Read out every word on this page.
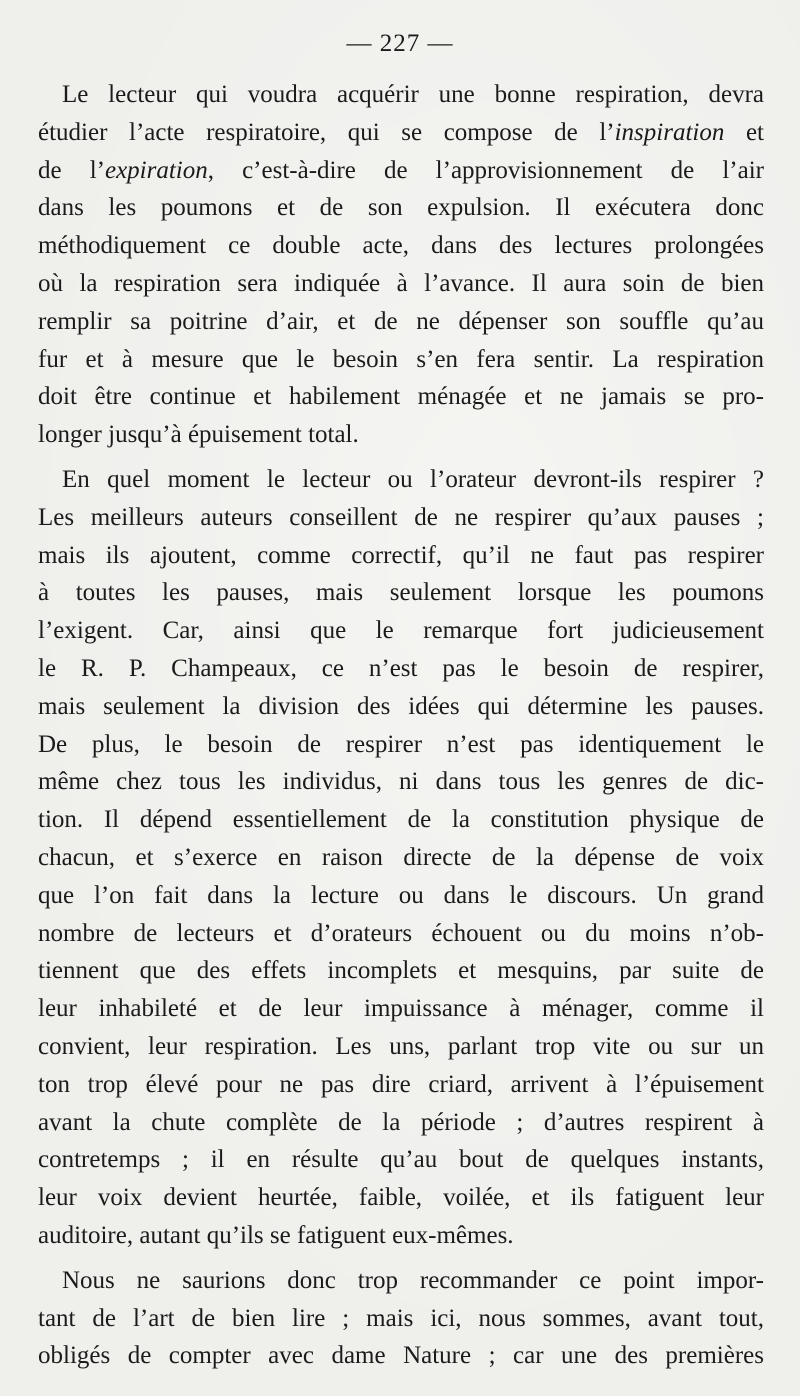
— 227 —
Le lecteur qui voudra acquérir une bonne respiration, devra
étudier l’acte respiratoire, qui se compose de l’inspiration et
de l’expiration, c’est-à-dire de l’approvisionnement de l’air
dans les poumons et de son expulsion. Il exécutera donc
méthodiquement ce double acte, dans des lectures prolongées
où la respiration sera indiquée à l’avance. Il aura soin de bien
remplir sa poitrine d’air, et de ne dépenser son souffle qu’au
fur et à mesure que le besoin s’en fera sentir. La respiration
doit être continue et habilement ménagée et ne jamais se pro-
longer jusqu’à épuisement total.
En quel moment le lecteur ou l’orateur devront-ils respirer ?
Les meilleurs auteurs conseillent de ne respirer qu’aux pauses ;
mais ils ajoutent, comme correctif, qu’il ne faut pas respirer
à toutes les pauses, mais seulement lorsque les poumons
l’exigent. Car, ainsi que le remarque fort judicieusement
le R. P. Champeaux, ce n’est pas le besoin de respirer,
mais seulement la division des idées qui détermine les pauses.
De plus, le besoin de respirer n’est pas identiquement le
même chez tous les individus, ni dans tous les genres de dic-
tion. Il dépend essentiellement de la constitution physique de
chacun, et s’exerce en raison directe de la dépense de voix
que l’on fait dans la lecture ou dans le discours. Un grand
nombre de lecteurs et d’orateurs échouent ou du moins n’ob-
tiennent que des effets incomplets et mesquins, par suite de
leur inhabileté et de leur impuissance à ménager, comme il
convient, leur respiration. Les uns, parlant trop vite ou sur un
ton trop élevé pour ne pas dire criard, arrivent à l’épuisement
avant la chute complète de la période ; d’autres respirent à
contretemps ; il en résulte qu’au bout de quelques instants,
leur voix devient heurtée, faible, voilée, et ils fatiguent leur
auditoire, autant qu’ils se fatiguent eux-mêmes.
Nous ne saurions donc trop recommander ce point impor-
tant de l’art de bien lire ; mais ici, nous sommes, avant tout,
obligés de compter avec dame Nature ; car une des premières
